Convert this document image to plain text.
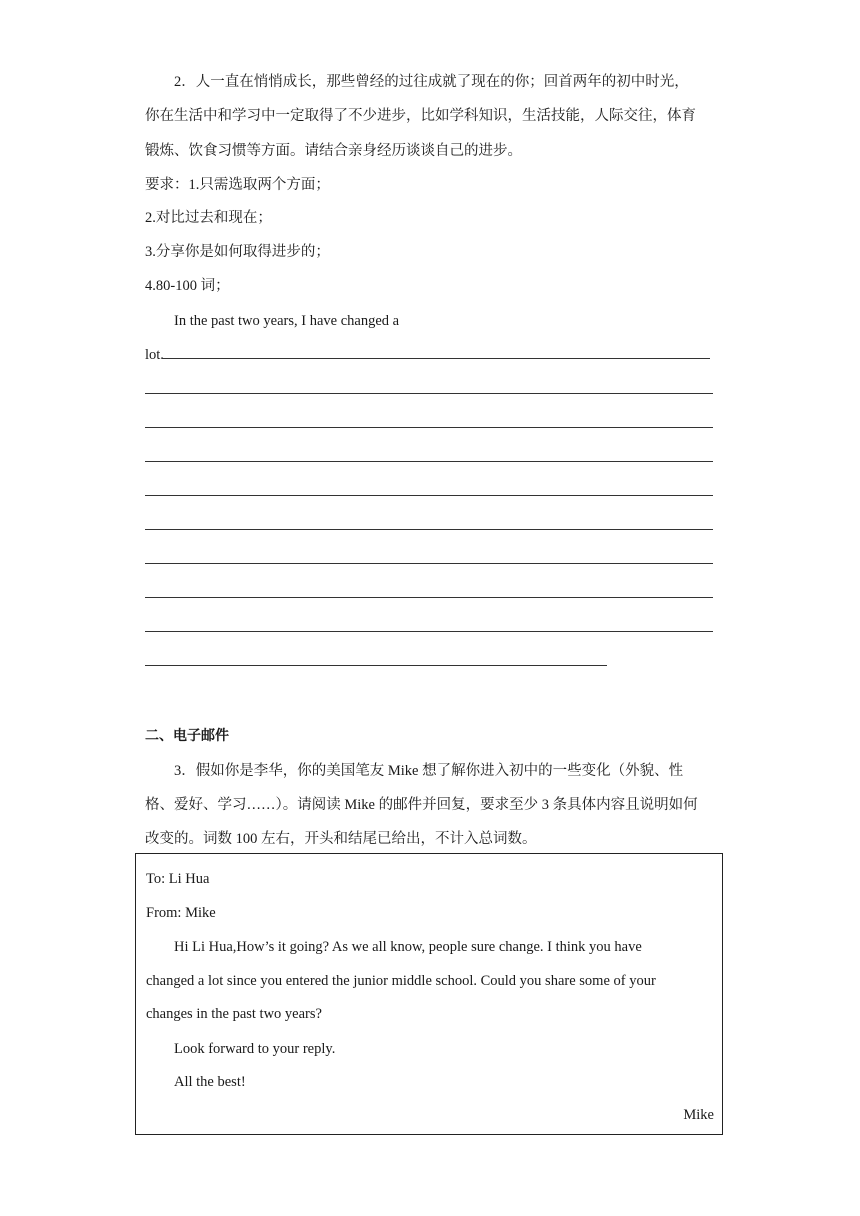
2．人一直在悄悄成长，那些曾经的过往成就了现在的你；回首两年的初中时光，
你在生活中和学习中一定取得了不少进步，比如学科知识，生活技能，人际交往，体育
锻炼、饮食习惯等方面。请结合亲身经历谈谈自己的进步。
要求：1.只需选取两个方面；
2.对比过去和现在；
3.分享你是如何取得进步的；
4.80-100 词；
In the past two years, I have changed a
lot.
二、电子邮件
3．假如你是李华，你的美国笔友 Mike 想了解你进入初中的一些变化（外貌、性
格、爱好、学习……）。请阅读 Mike 的邮件并回复，要求至少 3 条具体内容且说明如何
改变的。词数 100 左右，开头和结尾已给出，不计入总词数。
To: Li Hua
From: Mike
Hi Li Hua,How’s it going? As we all know, people sure change. I think you have
changed a lot since you entered the junior middle school. Could you share some of your
changes in the past two years?
Look forward to your reply.
All the best!
Mike
